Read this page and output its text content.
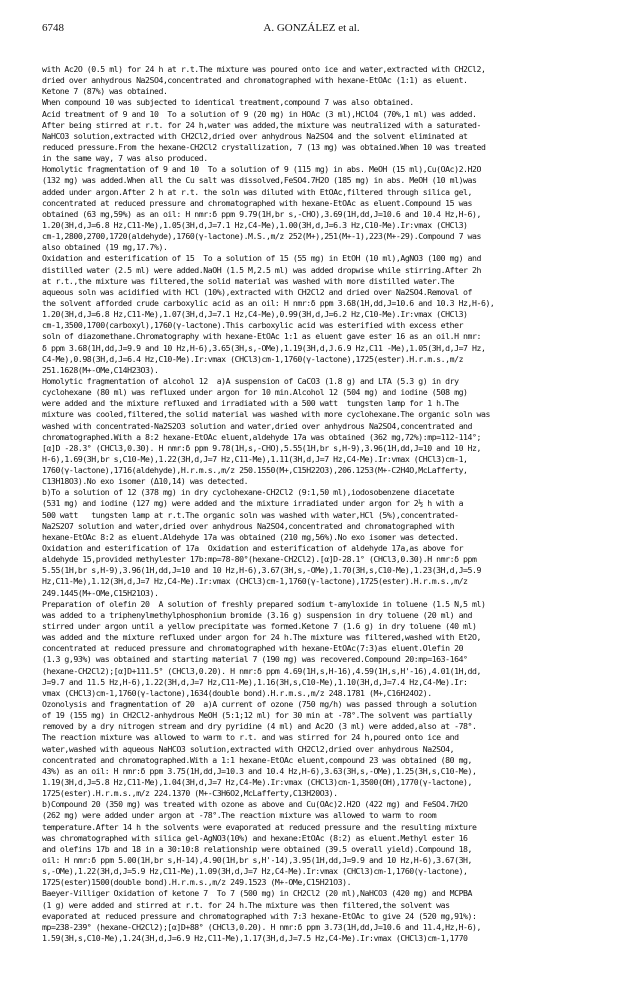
6748	A. GONZÁLEZ et al.
with Ac2O (0.5 ml) for 24 h at r.t.The mixture was poured onto ice and water,extracted with CH2Cl2,
dried over anhydrous Na2SO4,concentrated and chromatographed with hexane-EtOAc (1:1) as eluent.
Ketone 7 (87%) was obtained.
When compound 10 was subjected to identical treatment,compound 7 was also obtained.
Acid treatment of 9 and 10  To a solution of 9 (20 mg) in HOAc (3 ml),HClO4 (70%,1 ml) was added.
After being stirred at r.t. for 24 h,water was added,the mixture was neutralized with a saturated-
NaHCO3 solution,extracted with CH2Cl2,dried over anhydrous Na2SO4 and the solvent eliminated at
reduced pressure.From the hexane-CH2Cl2 crystallization, 7 (13 mg) was obtained.When 10 was treated
in the same way, 7 was also produced.
Homolytic fragmentation of 9 and 10  To a solution of 9 (115 mg) in abs. MeOH (15 ml),Cu(OAc)2.H2O
(132 mg) was added.When all the Cu salt was dissolved,FeSO4.7H2O (185 mg) in abs. MeOH (10 ml)was
added under argon.After 2 h at r.t. the soln was diluted with EtOAc,filtered through silica gel,
concentrated at reduced pressure and chromatographed with hexane-EtOAc as eluent.Compound 15 was
obtained (63 mg,59%) as an oil: H nmr:δ ppm 9.79(1H,br s,-CHO),3.69(1H,dd,J=10.6 and 10.4 Hz,H-6),
1.20(3H,d,J=6.8 Hz,C11-Me),1.05(3H,d,J=7.1 Hz,C4-Me),1.00(3H,d,J=6.3 Hz,C10-Me).Ir:vmax (CHCl3)
cm-1,2800,2700,1720(aldehyde),1760(γ-lactone).M.S.,m/z 252(M+),251(M+-1),223(M+-29).Compound 7 was
also obtained (19 mg,17.7%).
Oxidation and esterification of 15  To a solution of 15 (55 mg) in EtOH (10 ml),AgNO3 (100 mg) and
distilled water (2.5 ml) were added.NaOH (1.5 M,2.5 ml) was added dropwise while stirring.After 2h
at r.t.,the mixture was filtered,the solid material was washed with more distilled water.The
aqueous soln was acidified with HCl (10%),extracted with CH2Cl2 and dried over Na2SO4.Removal of
the solvent afforded crude carboxylic acid as an oil: H nmr:δ ppm 3.68(1H,dd,J=10.6 and 10.3 Hz,H-6),
1.20(3H,d,J=6.8 Hz,C11-Me),1.07(3H,d,J=7.1 Hz,C4-Me),0.99(3H,d,J=6.2 Hz,C10-Me).Ir:vmax (CHCl3)
cm-1,3500,1700(carboxyl),1760(γ-lactone).This carboxylic acid was esterified with excess ether
soln of diazomethane.Chromatography with hexane-EtOAc 1:1 as eluent gave ester 16 as an oil.H nmr:
δ ppm 3.68(1H,dd,J=9.9 and 10 Hz,H-6),3.65(3H,s,-OMe),1.19(3H,d,J.6.9 Hz,C11 -Me),1.05(3H,d,J=7 Hz,
C4-Me),0.98(3H,d,J=6.4 Hz,C10-Me).Ir:vmax (CHCl3)cm-1,1760(γ-lactone),1725(ester).H.r.m.s.,m/z
251.1628(M+-OMe,C14H23O3).
Homolytic fragmentation of alcohol 12  a)A suspension of CaCO3 (1.8 g) and LTA (5.3 g) in dry
cyclohexane (80 ml) was refluxed under argon for 10 min.Alcohol 12 (504 mg) and iodine (508 mg)
were added and the mixture refluxed and irradiated with a 500 watt  tungsten lamp for 1 h.The
mixture was cooled,filtered,the solid material was washed with more cyclohexane.The organic soln was
washed with concentrated-Na2S2O3 solution and water,dried over anhydrous Na2SO4,concentrated and
chromatographed.With a 8:2 hexane-EtOAc eluent,aldehyde 17a was obtained (362 mg,72%):mp=112-114°;
[α]D -28.3° (CHCl3,0.30). H nmr:δ ppm 9.78(1H,s,-CHO),5.55(1H,br s,H-9),3.96(1H,dd,J=10 and 10 Hz,
H-6),1.69(3H,br s,C10-Me),1.22(3H,d,J=7 Hz,C11-Me),1.11(3H,d,J=7 Hz,C4-Me).Ir:vmax (CHCl3)cm-1,
1760(γ-lactone),1716(aldehyde),H.r.m.s.,m/z 250.1550(M+,C15H22O3),206.1253(M+-C2H4O,McLafferty,
C13H18O3).No exo isomer (Δ10,14) was detected.
b)To a solution of 12 (378 mg) in dry cyclohexane-CH2Cl2 (9:1,50 ml),iodosobenzene diacetate
(531 mg) and iodine (127 mg) were added and the mixture irradiated under argon for 2½ h with a
500 watt   tungsten lamp at r.t.The organic soln was washed with water,HCl (5%),concentrated-
Na2S2O7 solution and water,dried over anhydrous Na2SO4,concentrated and chromatographed with
hexane-EtOAc 8:2 as eluent.Aldehyde 17a was obtained (210 mg,56%).No exo isomer was detected.
Oxidation and esterification of 17a  Oxidation and esterification of aldehyde 17a,as above for
aldehyde 15,provided methylester 17b:mp=78-80°(hexane-CH2Cl2).[α]D-28.1° (CHCl3,0.30).H nmr:δ ppm
5.55(1H,br s,H-9),3.96(1H,dd,J=10 and 10 Hz,H-6),3.67(3H,s,-OMe),1.70(3H,s,C10-Me),1.23(3H,d,J=5.9
Hz,C11-Me),1.12(3H,d,J=7 Hz,C4-Me).Ir:vmax (CHCl3)cm-1,1760(γ-lactone),1725(ester).H.r.m.s.,m/z
249.1445(M+-OMe,C15H21O3).
Preparation of olefin 20  A solution of freshly prepared sodium t-amyloxide in toluene (1.5 N,5 ml)
was added to a triphenylmethylphosphonium bromide (3.16 g) suspension in dry toluene (20 ml) and
stirred under argon until a yellow precipitate was formed.Ketone 7 (1.6 g) in dry toluene (40 ml)
was added and the mixture refluxed under argon for 24 h.The mixture was filtered,washed with Et2O,
concentrated at reduced pressure and chromatographed with hexane-EtOAc(7:3)as eluent.Olefin 20
(1.3 g,93%) was obtained and starting material 7 (190 mg) was recovered.Compound 20:mp=163-164°
(hexane-CH2Cl2);[α]D+111.5° (CHCl3,0.20). H nmr:δ ppm 4.69(1H,s,H-16),4.59(1H,s,H'-16),4.01(1H,dd,
J=9.7 and 11.5 Hz,H-6),1.22(3H,d,J=7 Hz,C11-Me),1.16(3H,s,C10-Me),1.10(3H,d,J=7.4 Hz,C4-Me).Ir:
vmax (CHCl3)cm-1,1760(γ-lactone),1634(double bond).H.r.m.s.,m/z 248.1781 (M+,C16H24O2).
Ozonolysis and fragmentation of 20  a)A current of ozone (750 mg/h) was passed through a solution
of 19 (155 mg) in CH2Cl2-anhydrous MeOH (5:1;12 ml) for 30 min at -78°.The solvent was partially
removed by a dry nitrogen stream and dry pyridine (4 ml) and Ac2O (3 ml) were added,also at -78°.
The reaction mixture was allowed to warm to r.t. and was stirred for 24 h,poured onto ice and
water,washed with aqueous NaHCO3 solution,extracted with CH2Cl2,dried over anhydrous Na2SO4,
concentrated and chromatographed.With a 1:1 hexane-EtOAc eluent,compound 23 was obtained (80 mg,
43%) as an oil: H nmr:δ ppm 3.75(1H,dd,J=10.3 and 10.4 Hz,H-6),3.63(3H,s,-OMe),1.25(3H,s,C10-Me),
1.19(3H,d,J=5.8 Hz,C11-Me),1.04(3H,d,J=7 Hz,C4-Me).Ir:vmax (CHCl3)cm-1,3500(OH),1770(γ-lactone),
1725(ester).H.r.m.s.,m/z 224.1370 (M+-C3H6O2,McLafferty,C13H20O3).
b)Compound 20 (350 mg) was treated with ozone as above and Cu(OAc)2.H2O (422 mg) and FeSO4.7H2O
(262 mg) were added under argon at -78°.The reaction mixture was allowed to warm to room
temperature.After 14 h the solvents were evaporated at reduced pressure and the resulting mixture
was chromatographed with silica gel-AgNO3(10%) and hexane:EtOAc (8:2) as eluent.Methyl ester 16
and olefins 17b and 18 in a 30:10:8 relationship were obtained (39.5 overall yield).Compound 18,
oil: H nmr:δ ppm 5.00(1H,br s,H-14),4.90(1H,br s,H'-14),3.95(1H,dd,J=9.9 and 10 Hz,H-6),3.67(3H,
s,-OMe),1.22(3H,d,J=5.9 Hz,C11-Me),1.09(3H,d,J=7 Hz,C4-Me).Ir:vmax (CHCl3)cm-1,1760(γ-lactone),
1725(ester)1500(double bond).H.r.m.s.,m/z 249.1523 (M+-OMe,C15H21O3).
Baeyer-Villiger Oxidation of ketone 7  To 7 (500 mg) in CH2Cl2 (20 ml),NaHCO3 (420 mg) and MCPBA
(1 g) were added and stirred at r.t. for 24 h.The mixture was then filtered,the solvent was
evaporated at reduced pressure and chromatographed with 7:3 hexane-EtOAc to give 24 (520 mg,91%):
mp=238-239° (hexane-CH2Cl2);[α]D+88° (CHCl3,0.20). H nmr:δ ppm 3.73(1H,dd,J=10.6 and 11.4,Hz,H-6),
1.59(3H,s,C10-Me),1.24(3H,d,J=6.9 Hz,C11-Me),1.17(3H,d,J=7.5 Hz,C4-Me).Ir:vmax (CHCl3)cm-1,1770
